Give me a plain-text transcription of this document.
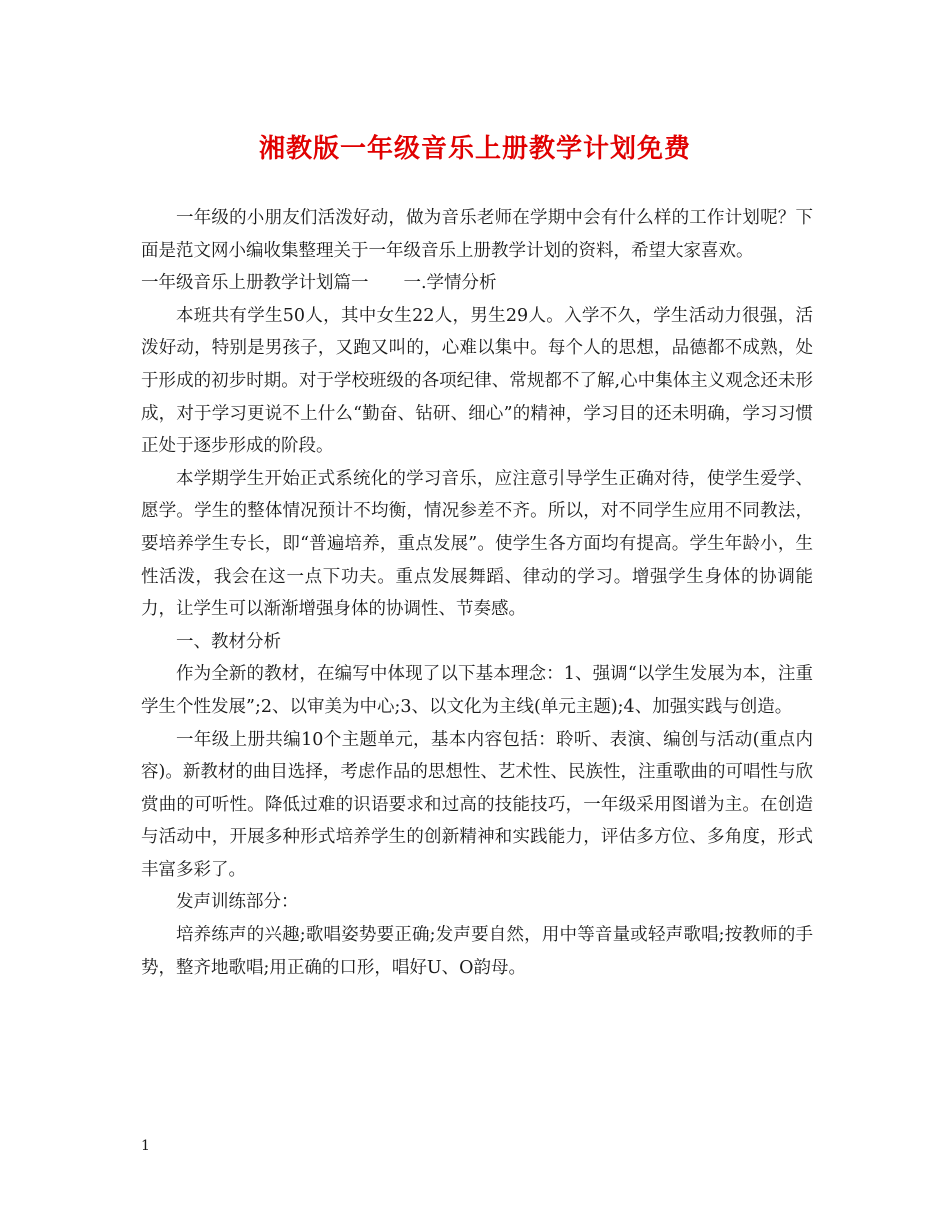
湘教版一年级音乐上册教学计划免费

一年级的小朋友们活泼好动，做为音乐老师在学期中会有什么样的工作计划呢？下面是范文网小编收集整理关于一年级音乐上册教学计划的资料，希望大家喜欢。

一年级音乐上册教学计划篇一　　一.学情分析

本班共有学生50人，其中女生22人，男生29人。入学不久，学生活动力很强，活泼好动，特别是男孩子，又跑又叫的，心难以集中。每个人的思想，品德都不成熟，处于形成的初步时期。对于学校班级的各项纪律、常规都不了解,心中集体主义观念还未形成，对于学习更说不上什么“勤奋、钻研、细心”的精神，学习目的还未明确，学习习惯正处于逐步形成的阶段。

本学期学生开始正式系统化的学习音乐，应注意引导学生正确对待，使学生爱学、愿学。学生的整体情况预计不均衡，情况参差不齐。所以，对不同学生应用不同教法，要培养学生专长，即“普遍培养，重点发展”。使学生各方面均有提高。学生年龄小，生性活泼，我会在这一点下功夫。重点发展舞蹈、律动的学习。增强学生身体的协调能力，让学生可以渐渐增强身体的协调性、节奏感。

一、教材分析

作为全新的教材，在编写中体现了以下基本理念：1、强调“以学生发展为本，注重学生个性发展”;2、以审美为中心;3、以文化为主线(单元主题);4、加强实践与创造。

一年级上册共编10个主题单元，基本内容包括：聆听、表演、编创与活动(重点内容)。新教材的曲目选择，考虑作品的思想性、艺术性、民族性，注重歌曲的可唱性与欣赏曲的可听性。降低过难的识语要求和过高的技能技巧，一年级采用图谱为主。在创造与活动中，开展多种形式培养学生的创新精神和实践能力，评估多方位、多角度，形式丰富多彩了。

发声训练部分：

培养练声的兴趣;歌唱姿势要正确;发声要自然，用中等音量或轻声歌唱;按教师的手势，整齐地歌唱;用正确的口形，唱好U、O韵母。

1
